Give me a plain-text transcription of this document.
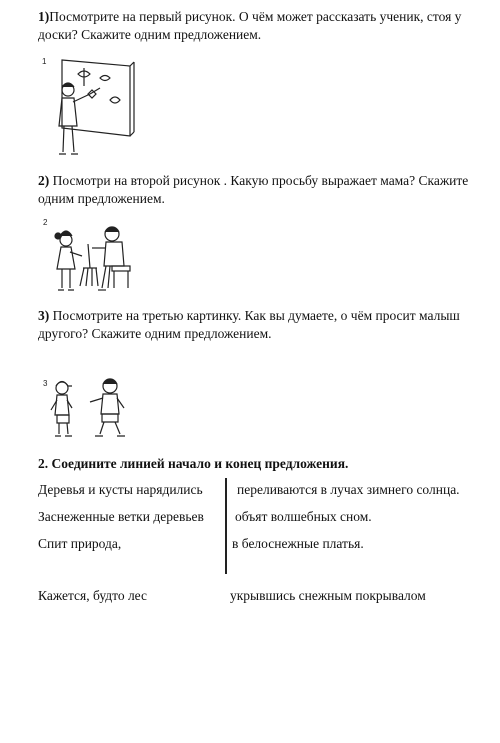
1)Посмотрите на первый рисунок. О чём может рассказать ученик, стоя у
доски? Скажите одним предложением.
1
2) Посмотри на второй рисунок . Какую просьбу выражает мама? Скажите
одним предложением.
2
3) Посмотрите на третью картинку. Как вы думаете, о чём просит малыш
другого? Скажите одним предложением.
3
2. Соедините линией начало и конец предложения.
Деревья и кусты нарядились
Заснеженные ветки деревьев
Спит природа,
Кажется, будто лес
переливаются в лучах зимнего солнца.
объят волшебных сном.
в белоснежные платья.
укрывшись снежным покрывалом
